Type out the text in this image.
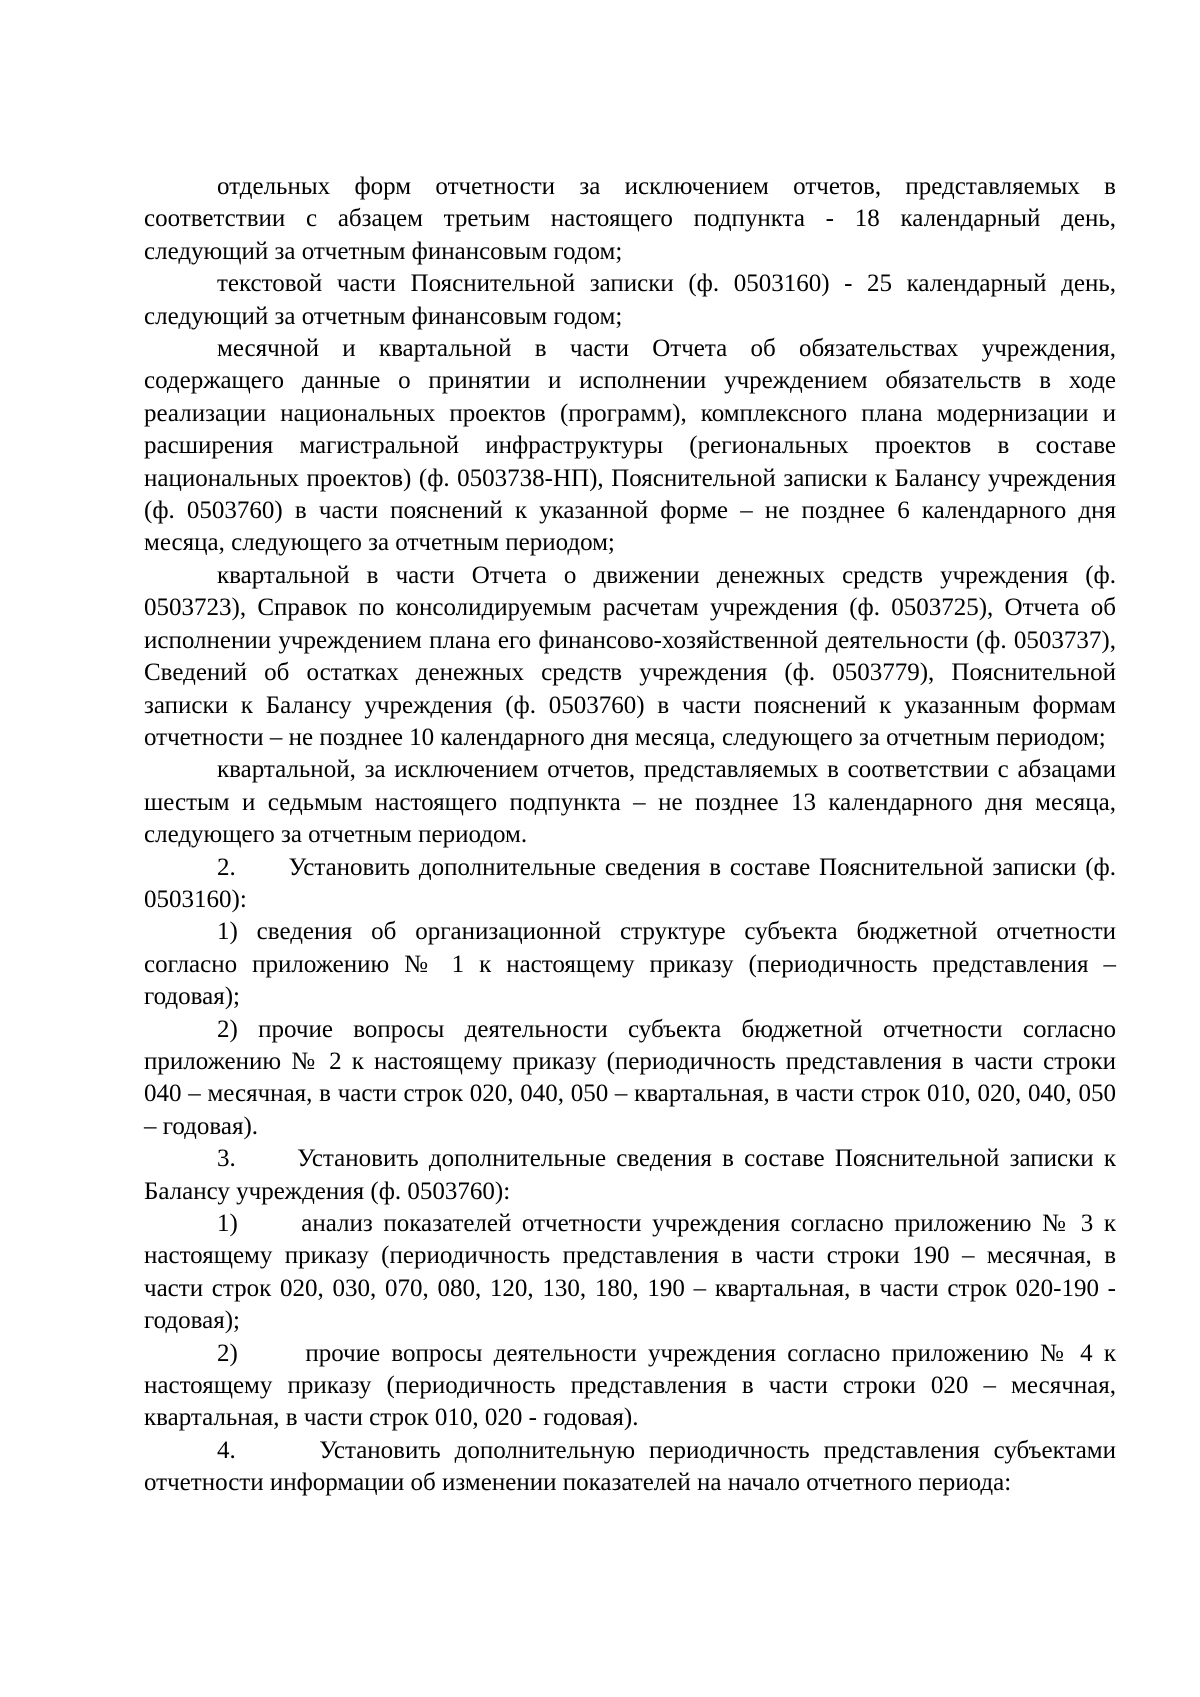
отдельных форм отчетности за исключением отчетов, представляемых в соответствии с абзацем третьим настоящего подпункта - 18 календарный день, следующий за отчетным финансовым годом;

текстовой части Пояснительной записки (ф. 0503160) - 25 календарный день, следующий за отчетным финансовым годом;

месячной и квартальной в части Отчета об обязательствах учреждения, содержащего данные о принятии и исполнении учреждением обязательств в ходе реализации национальных проектов (программ), комплексного плана модернизации и расширения магистральной инфраструктуры (региональных проектов в составе национальных проектов) (ф. 0503738-НП), Пояснительной записки к Балансу учреждения (ф. 0503760) в части пояснений к указанной форме – не позднее 6 календарного дня месяца, следующего за отчетным периодом;

квартальной в части Отчета о движении денежных средств учреждения (ф. 0503723), Справок по консолидируемым расчетам учреждения (ф. 0503725), Отчета об исполнении учреждением плана его финансово-хозяйственной деятельности (ф. 0503737), Сведений об остатках денежных средств учреждения (ф. 0503779), Пояснительной записки к Балансу учреждения (ф. 0503760) в части пояснений к указанным формам отчетности – не позднее 10 календарного дня месяца, следующего за отчетным периодом;

квартальной, за исключением отчетов, представляемых в соответствии с абзацами шестым и седьмым настоящего подпункта – не позднее 13 календарного дня месяца, следующего за отчетным периодом.

2.      Установить дополнительные сведения в составе Пояснительной записки (ф. 0503160):

1) сведения об организационной структуре субъекта бюджетной отчетности согласно приложению № 1 к настоящему приказу (периодичность представления – годовая);

2) прочие вопросы деятельности субъекта бюджетной отчетности согласно приложению № 2 к настоящему приказу (периодичность представления в части строки 040 – месячная, в части строк 020, 040, 050 – квартальная, в части строк 010, 020, 040, 050 – годовая).

3.      Установить дополнительные сведения в составе Пояснительной записки к Балансу учреждения (ф. 0503760):

1)      анализ показателей отчетности учреждения согласно приложению № 3 к настоящему приказу (периодичность представления в части строки 190 – месячная, в части строк 020, 030, 070, 080, 120, 130, 180, 190 – квартальная, в части строк 020-190 - годовая);

2)      прочие вопросы деятельности учреждения согласно приложению № 4 к настоящему приказу (периодичность представления в части строки 020 – месячная, квартальная, в части строк 010, 020 - годовая).

4.      Установить дополнительную периодичность представления субъектами отчетности информации об изменении показателей на начало отчетного периода:
